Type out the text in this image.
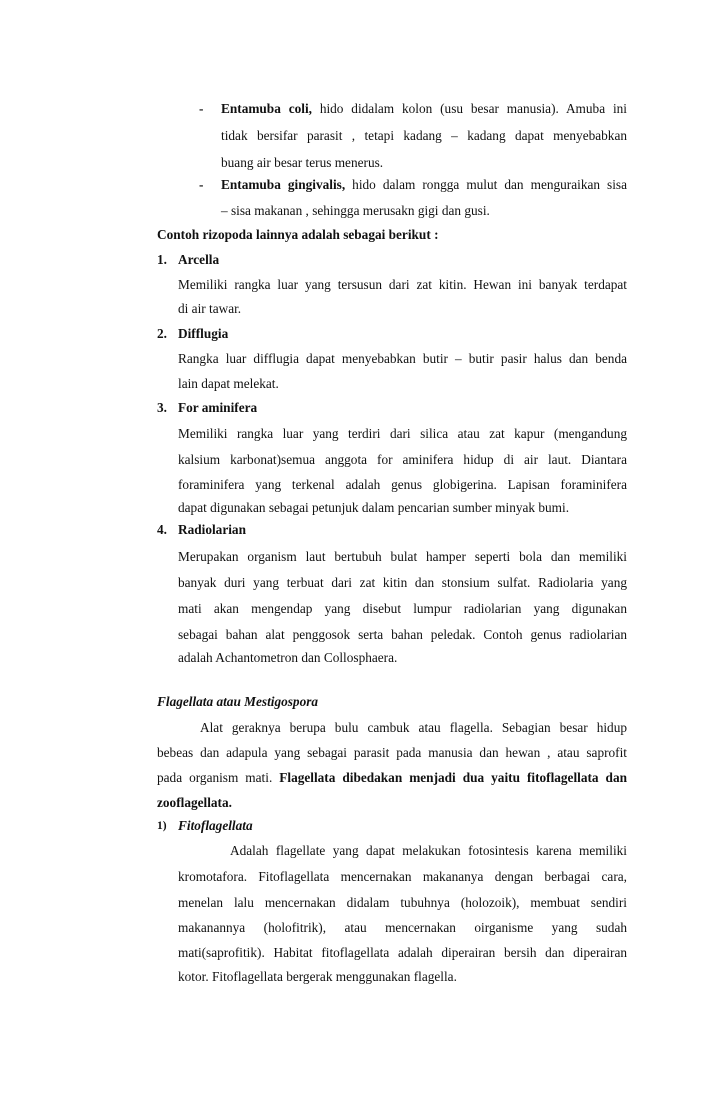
- Entamuba coli, hido didalam kolon (usu besar manusia). Amuba ini
tidak bersifar parasit , tetapi kadang – kadang dapat menyebabkan
buang air besar terus menerus.
- Entamuba gingivalis, hido dalam rongga mulut dan menguraikan sisa
– sisa makanan , sehingga merusakn gigi dan gusi.
Contoh rizopoda lainnya adalah sebagai berikut :
1. Arcella
Memiliki rangka luar yang tersusun dari zat kitin. Hewan ini banyak terdapat
di air tawar.
2. Difflugia
Rangka luar difflugia dapat menyebabkan butir – butir pasir halus dan benda
lain dapat melekat.
3. For aminifera
Memiliki rangka luar yang terdiri dari silica atau zat kapur (mengandung
kalsium karbonat)semua anggota for aminifera hidup di air laut. Diantara
foraminifera yang terkenal adalah genus globigerina. Lapisan foraminifera
dapat digunakan sebagai petunjuk dalam pencarian sumber minyak bumi.
4. Radiolarian
Merupakan organism laut bertubuh bulat hamper seperti bola dan memiliki
banyak duri yang terbuat dari zat kitin dan stonsium sulfat. Radiolaria yang
mati akan mengendap yang disebut lumpur radiolarian yang digunakan
sebagai bahan alat penggosok serta bahan peledak. Contoh genus radiolarian
adalah Achantometron dan Collosphaera.
Flagellata atau Mestigospora
Alat geraknya berupa bulu cambuk atau flagella. Sebagian besar hidup
bebeas dan adapula yang sebagai parasit pada manusia dan hewan , atau saprofit
pada organism mati. Flagellata dibedakan menjadi dua yaitu fitoflagellata dan
zooflagellata.
1) Fitoflagellata
Adalah flagellate yang dapat melakukan fotosintesis karena memiliki
kromotafora. Fitoflagellata mencernakan makananya dengan berbagai cara,
menelan lalu mencernakan didalam tubuhnya (holozoik), membuat sendiri
makanannya (holofitrik), atau mencernakan oirganisme yang sudah
mati(saprofitik). Habitat fitoflagellata adalah diperairan bersih dan diperairan
kotor. Fitoflagellata bergerak menggunakan flagella.
